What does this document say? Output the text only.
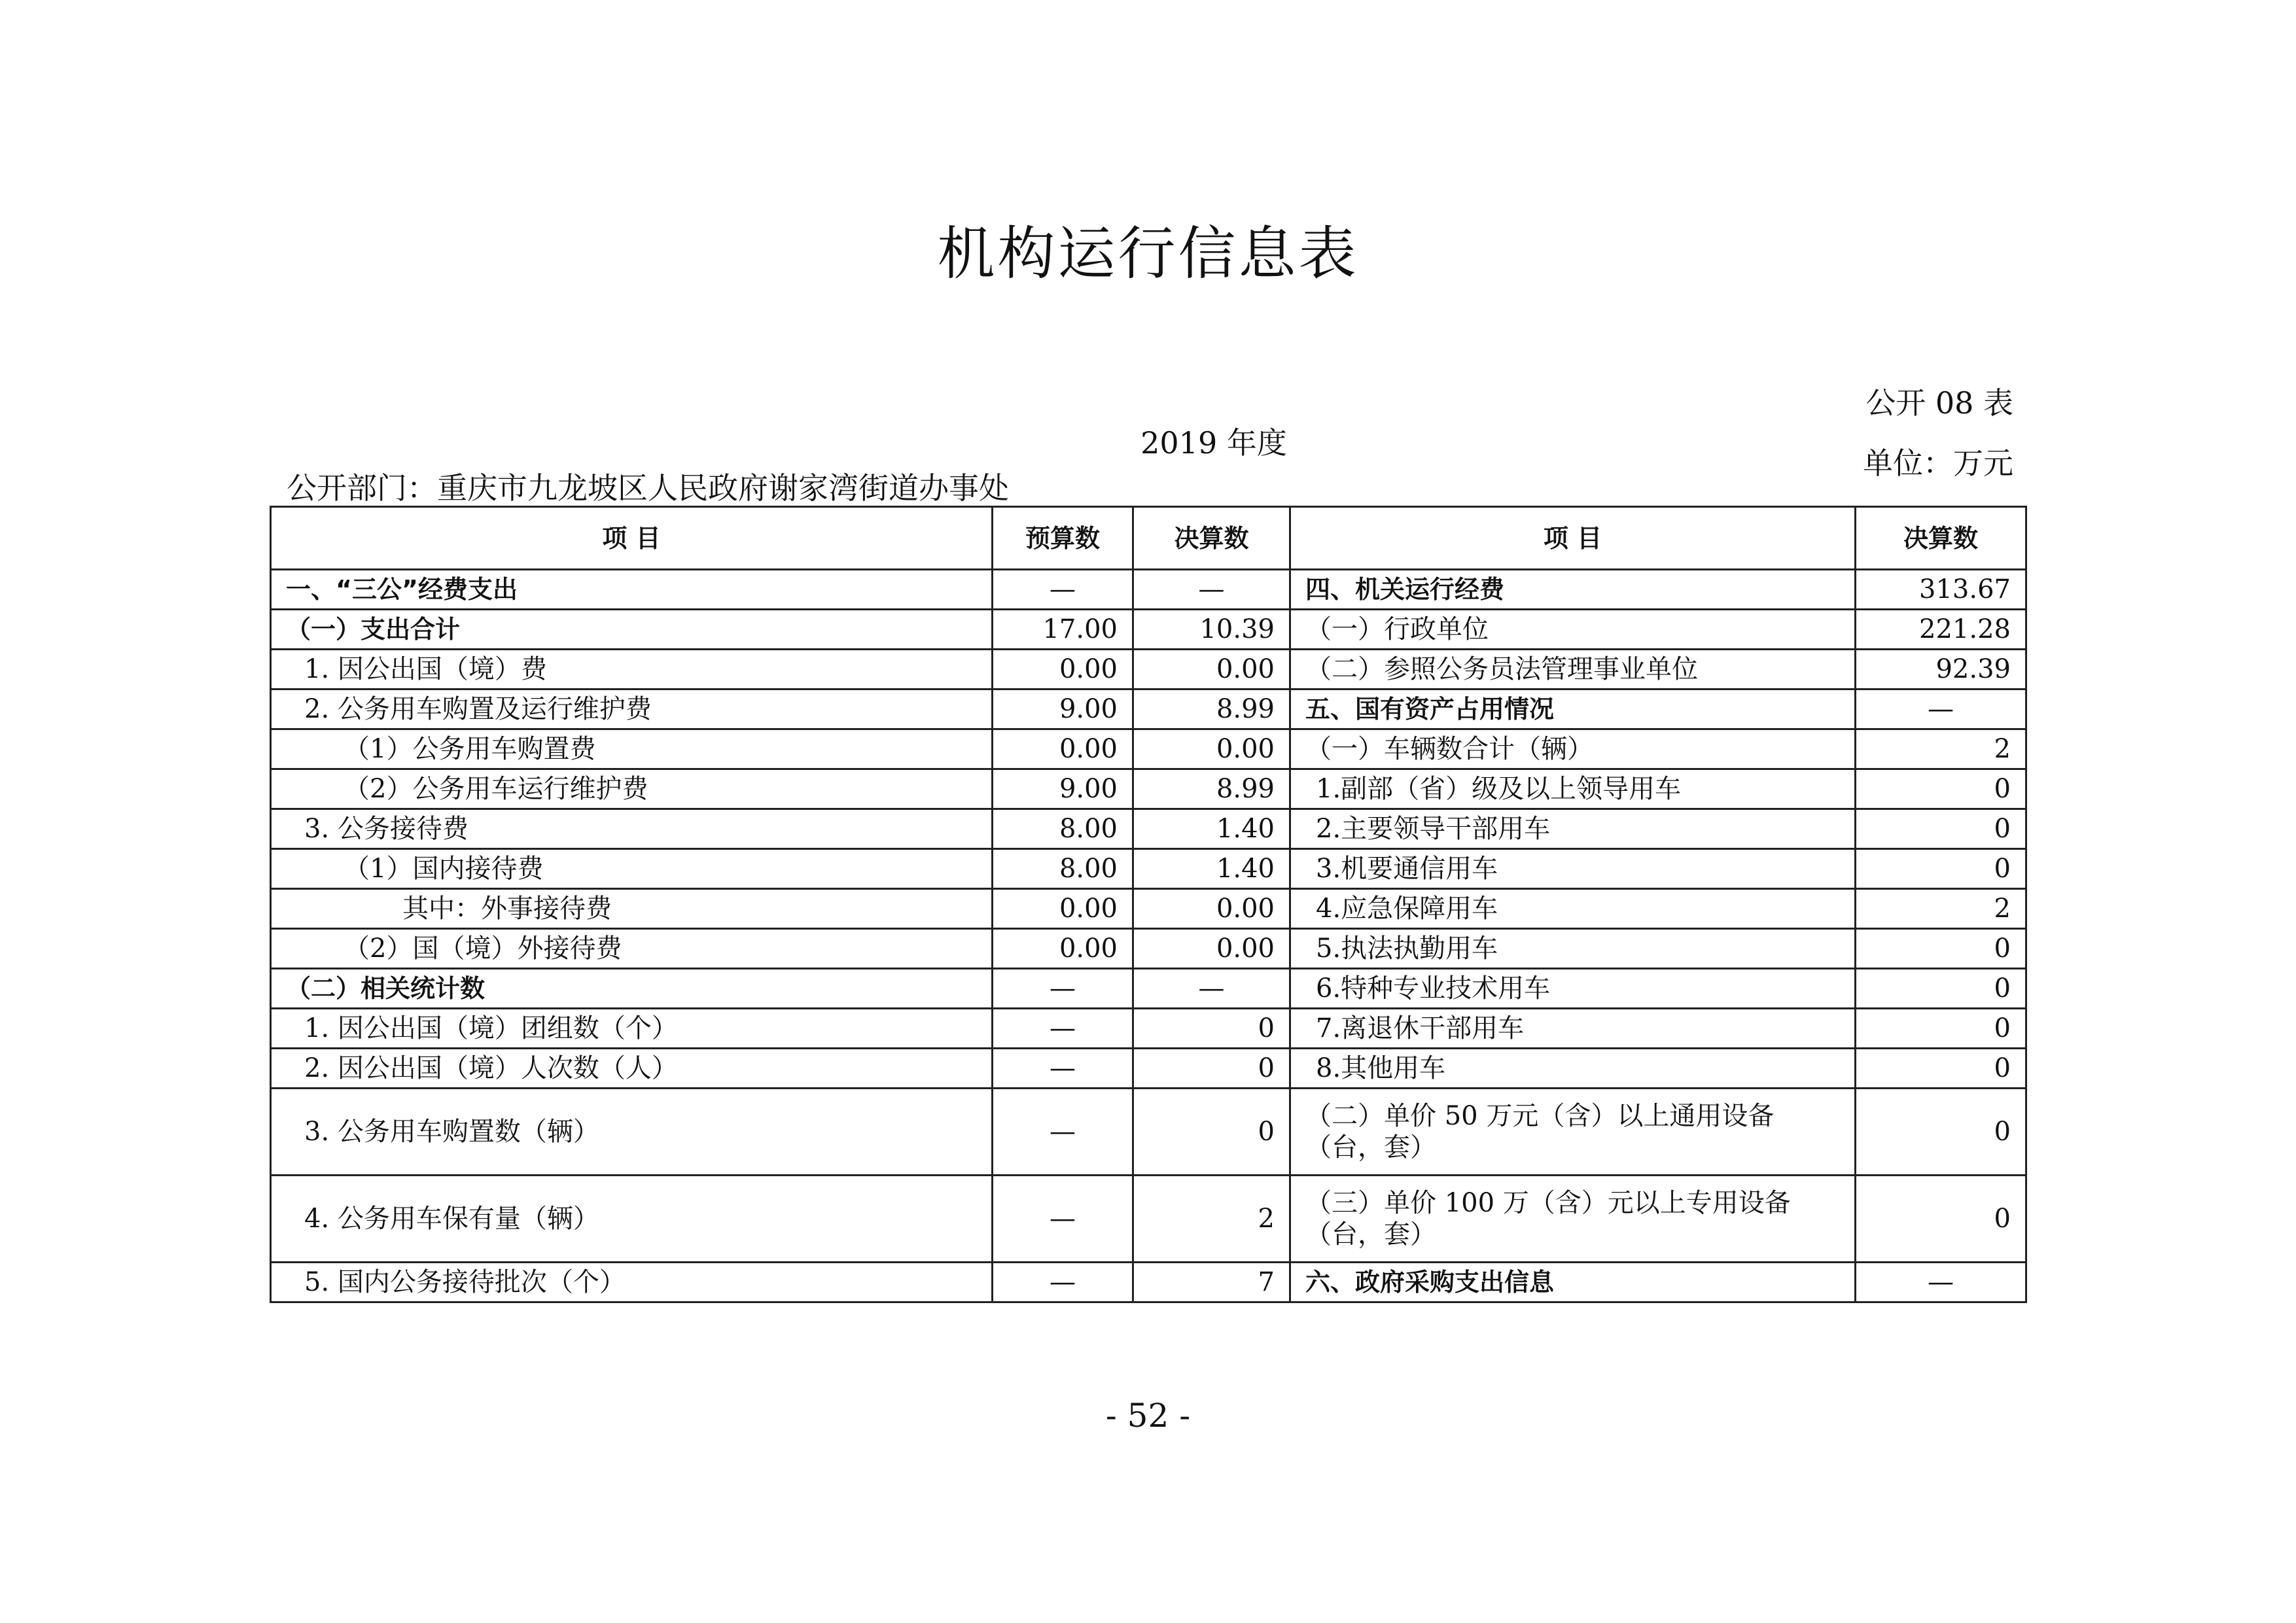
机构运行信息表
公开 08 表
单位：万元
公开部门：重庆市九龙坡区人民政府谢家湾街道办事处
2019 年度
项 目	预算数	决算数	项 目	决算数
一、“三公”经费支出	—	—	四、机关运行经费	313.67
（一）支出合计	17.00	10.39	（一）行政单位	221.28
1. 因公出国（境）费	0.00	0.00	（二）参照公务员法管理事业单位	92.39
2. 公务用车购置及运行维护费	9.00	8.99	五、国有资产占用情况	—
（1）公务用车购置费	0.00	0.00	（一）车辆数合计（辆）	2
（2）公务用车运行维护费	9.00	8.99	1.副部（省）级及以上领导用车	0
3. 公务接待费	8.00	1.40	2.主要领导干部用车	0
（1）国内接待费	8.00	1.40	3.机要通信用车	0
其中：外事接待费	0.00	0.00	4.应急保障用车	2
（2）国（境）外接待费	0.00	0.00	5.执法执勤用车	0
（二）相关统计数	—	—	6.特种专业技术用车	0
1. 因公出国（境）团组数（个）	—	0	7.离退休干部用车	0
2. 因公出国（境）人次数（人）	—	0	8.其他用车	0
3. 公务用车购置数（辆）	—	0	（二）单价 50 万元（含）以上通用设备（台，套）	0
4. 公务用车保有量（辆）	—	2	（三）单价 100 万（含）元以上专用设备（台，套）	0
5. 国内公务接待批次（个）	—	7	六、政府采购支出信息	—
- 52 -
